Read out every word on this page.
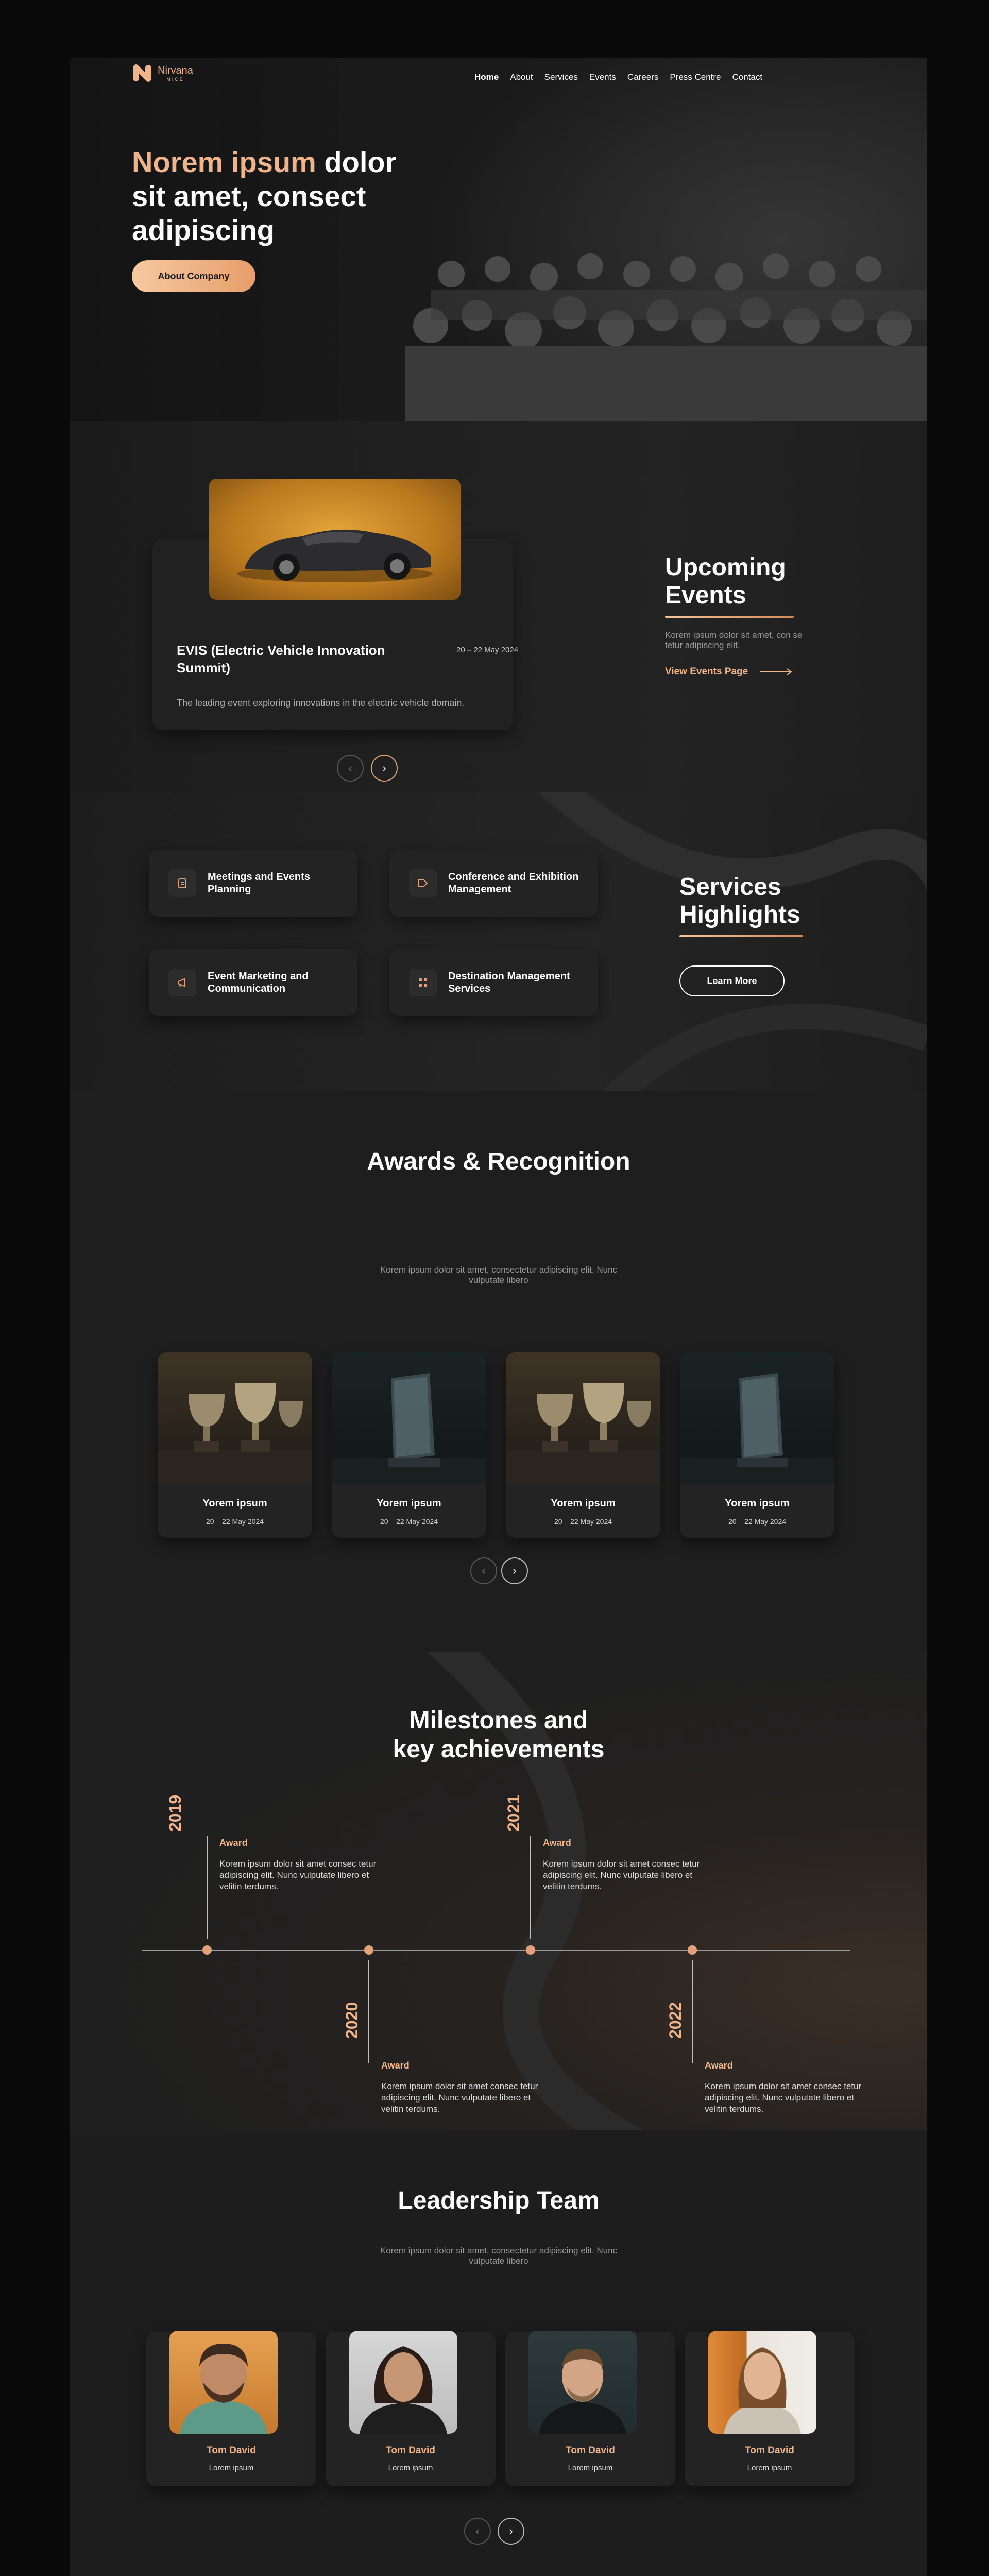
Nirvana
MICE	Home About Services Events Careers Press Centre Contact
Norem ipsum dolor
sit amet, consect
adipiscing
About Company
EVIS (Electric Vehicle Innovation Summit)
20 – 22 May 2024
The leading event exploring innovations in the electric vehicle domain.
‹	›
Upcoming
Events
Korem ipsum dolor sit amet, con se tetur adipiscing elit.
View Events Page
Meetings and Events Planning
Conference and Exhibition Management
Event Marketing and Communication
Destination Management Services
Services
Highlights
Learn More
Awards & Recognition
Korem ipsum dolor sit amet, consectetur adipiscing elit. Nunc vulputate libero
Yorem ipsum
20 – 22 May 2024
Yorem ipsum
20 – 22 May 2024
Yorem ipsum
20 – 22 May 2024
Yorem ipsum
20 – 22 May 2024
‹ ›
Milestones and
key achievements
2019
Award
Korem ipsum dolor sit amet consec tetur adipiscing elit. Nunc vulputate libero et velitin terdums.
2020
Award
Korem ipsum dolor sit amet consec tetur adipiscing elit. Nunc vulputate libero et velitin terdums.
2021
Award
Korem ipsum dolor sit amet consec tetur adipiscing elit. Nunc vulputate libero et velitin terdums.
2022
Award
Korem ipsum dolor sit amet consec tetur adipiscing elit. Nunc vulputate libero et velitin terdums.
Leadership Team
Korem ipsum dolor sit amet, consectetur adipiscing elit. Nunc vulputate libero
Tom David
Lorem ipsum
Tom David
Lorem ipsum
Tom David
Lorem ipsum
Tom David
Lorem ipsum
‹	›
